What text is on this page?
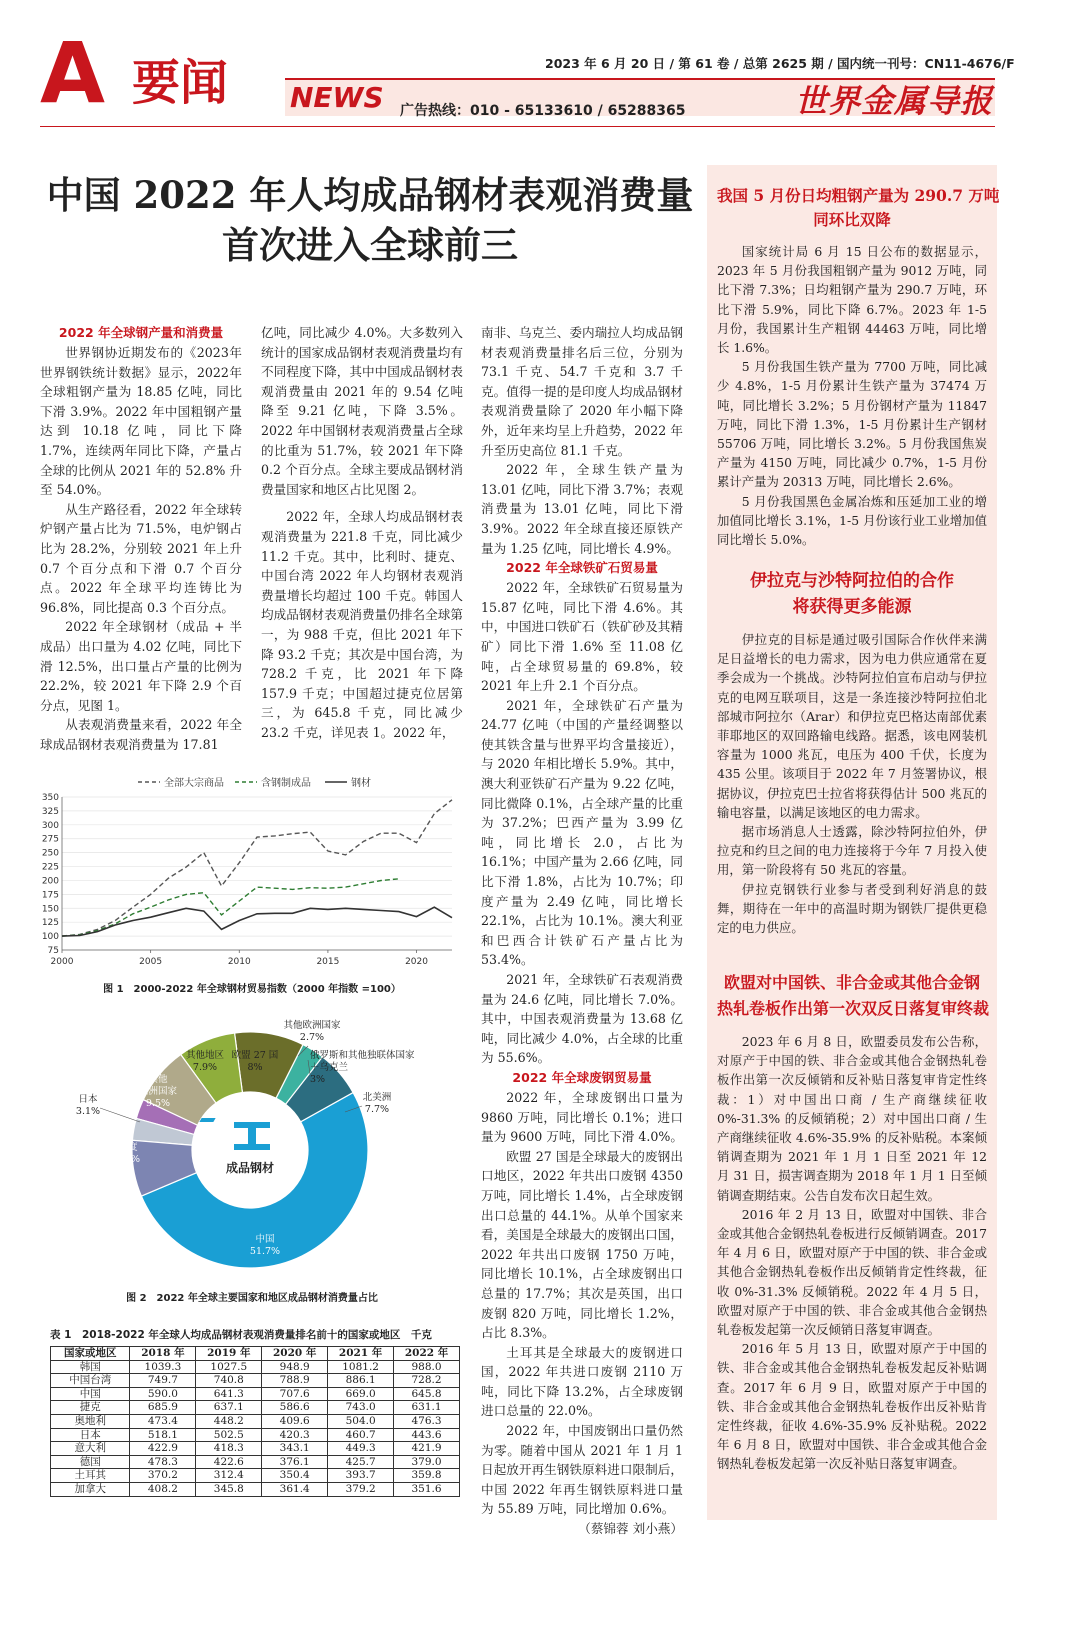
A 要闻	2023 年 6 月 20 日 / 第 61 卷 / 总第 2625 期 / 国内统一刊号：CN11-4676/F
NEWS 广告热线：010 - 65133610 / 65288365	世界金属导报
中国 2022 年人均成品钢材表观消费量
首次进入全球前三
2022 年全球钢产量和消费量

世界钢协近期发布的《2023年世界钢铁统计数据》显示，2022年全球粗钢产量为 18.85 亿吨，同比下滑 3.9%。2022 年中国粗钢产量达到 10.18 亿吨，同比下降 1.7%，连续两年同比下降，产量占全球的比例从 2021 年的 52.8% 升至 54.0%。

从生产路径看，2022 年全球转炉钢产量占比为 71.5%，电炉钢占比为 28.2%，分别较 2021 年上升 0.7 个百分点和下滑 0.7 个百分点。2022 年全球平均连铸比为 96.8%，同比提高 0.3 个百分点。

2022 年全球钢材（成品 + 半成品）出口量为 4.02 亿吨，同比下滑 12.5%，出口量占产量的比例为 22.2%，较 2021 年下降 2.9 个百分点，见图 1。

从表观消费量来看，2022 年全球成品钢材表观消费量为 17.81

亿吨，同比减少 4.0%。大多数列入统计的国家成品钢材表观消费量均有不同程度下降，其中中国成品钢材表观消费量由 2021 年的 9.54 亿吨降至 9.21 亿吨，下降 3.5%。2022 年中国钢材表观消费量占全球的比重为 51.7%，较 2021 年下降 0.2 个百分点。全球主要成品钢材消费量国家和地区占比见图 2。

2022 年，全球人均成品钢材表观消费量为 221.8 千克，同比减少 11.2 千克。其中，比利时、捷克、中国台湾 2022 年人均钢材表观消费量增长均超过 100 千克。韩国人均成品钢材表观消费量仍排名全球第一，为 988 千克，但比 2021 年下降 93.2 千克；其次是中国台湾，为 728.2 千克，比 2021 年下降 157.9 千克；中国超过捷克位居第三，为 645.8 千克，同比减少 23.2 千克，详见表 1。2022 年，

南非、乌克兰、委内瑞拉人均成品钢材表观消费量排名后三位，分别为 73.1 千克、54.7 千克和 3.7 千克。值得一提的是印度人均成品钢材表观消费量除了 2020 年小幅下降外，近年来均呈上升趋势，2022 年升至历史高位 81.1 千克。

2022 年，全球生铁产量为 13.01 亿吨，同比下滑 3.7%；表观消费量为 13.01 亿吨，同比下滑 3.9%。2022 年全球直接还原铁产量为 1.25 亿吨，同比增长 4.9%。

2022 年全球铁矿石贸易量

2022 年，全球铁矿石贸易量为 15.87 亿吨，同比下滑 4.6%。其中，中国进口铁矿石（铁矿砂及其精矿）同比下滑 1.6% 至 11.08 亿吨，占全球贸易量的 69.8%，较 2021 年上升 2.1 个百分点。

2021 年，全球铁矿石产量为 24.77 亿吨（中国的产量经调整以使其铁含量与世界平均含量接近），与 2020 年相比增长 5.9%。其中，澳大利亚铁矿石产量为 9.22 亿吨，同比微降 0.1%，占全球产量的比重为 37.2%；巴西产量为 3.99 亿吨，同比增长 2.0，占比为 16.1%；中国产量为 2.66 亿吨，同比下滑 1.8%，占比为 10.7%；印度产量为 2.49 亿吨，同比增长 22.1%，占比为 10.1%。澳大利亚和巴西合计铁矿石产量占比为 53.4%。

2021 年，全球铁矿石表观消费量为 24.6 亿吨，同比增长 7.0%。其中，中国表观消费量为 13.68 亿吨，同比减少 4.0%，占全球的比重为 55.6%。

2022 年全球废钢贸易量

2022 年，全球废钢出口量为 9860 万吨，同比增长 0.1%；进口量为 9600 万吨，同比下滑 4.0%。

欧盟 27 国是全球最大的废钢出口地区，2022 年共出口废钢 4350 万吨，同比增长 1.4%，占全球废钢出口总量的 44.1%。从单个国家来看，美国是全球最大的废钢出口国，2022 年共出口废钢 1750 万吨，同比增长 10.1%，占全球废钢出口总量的 17.7%；其次是英国，出口废钢 820 万吨，同比增长 1.2%，占比 8.3%。

土耳其是全球最大的废钢进口国，2022 年共进口废钢 2110 万吨，同比下降 13.2%，占全球废钢进口总量的 22.0%。

2022 年，中国废钢出口量仍然为零。随着中国从 2021 年 1 月 1 日起放开再生钢铁原料进口限制后，中国 2022 年再生钢铁原料进口量为 55.89 万吨，同比增加 0.6%。

（蔡锦蓉 刘小燕）

全部大宗商品	含钢制成品	钢材
75
100
125
150
175
200
225
250
275
300
325
350
2000	2005	2010	2015	2020
图 1　2000-2022 年全球钢材贸易指数（2000 年指数 =100）
中国
51.7%
印度
6.4%
其他
亚洲国家
9.5%
其他地区
7.9%
欧盟 27 国
8%
日本
3.1%
其他欧洲国家
2.7%
俄罗斯和其他独联体国家
＋乌克兰
3%
北美洲
7.7%
成品钢材
图 2　2022 年全球主要国家和地区成品钢材消费量占比
表 1　2018-2022 年全球人均成品钢材表观消费量排名前十的国家或地区　千克
国家或地区	2018 年	2019 年	2020 年	2021 年	2022 年
韩国	1039.3	1027.5	948.9	1081.2	988.0
中国台湾	749.7	740.8	788.9	886.1	728.2
中国	590.0	641.3	707.6	669.0	645.8
捷克	685.9	637.1	586.6	743.0	631.1
奥地利	473.4	448.2	409.6	504.0	476.3
日本	518.1	502.5	420.3	460.7	443.6
意大利	422.9	418.3	343.1	449.3	421.9
德国	478.3	422.6	376.1	425.7	379.0
土耳其	370.2	312.4	350.4	393.7	359.8
加拿大	408.2	345.8	361.4	379.2	351.6
我国 5 月份日均粗钢产量为 290.7 万吨
同环比双降

国家统计局 6 月 15 日公布的数据显示，2023 年 5 月份我国粗钢产量为 9012 万吨，同比下滑 7.3%；日均粗钢产量为 290.7 万吨，环比下滑 5.9%，同比下降 6.7%。2023 年 1-5 月份，我国累计生产粗钢 44463 万吨，同比增长 1.6%。

5 月份我国生铁产量为 7700 万吨，同比减少 4.8%，1-5 月份累计生铁产量为 37474 万吨，同比增长 3.2%；5 月份钢材产量为 11847 万吨，同比下滑 1.3%，1-5 月份累计生产钢材 55706 万吨，同比增长 3.2%。5 月份我国焦炭产量为 4150 万吨，同比减少 0.7%，1-5 月份累计产量为 20313 万吨，同比增长 2.6%。

5 月份我国黑色金属冶炼和压延加工业的增加值同比增长 3.1%，1-5 月份该行业工业增加值同比增长 5.0%。

伊拉克与沙特阿拉伯的合作
将获得更多能源

伊拉克的目标是通过吸引国际合作伙伴来满足日益增长的电力需求，因为电力供应通常在夏季会成为一个挑战。沙特阿拉伯宣布启动与伊拉克的电网互联项目，这是一条连接沙特阿拉伯北部城市阿拉尔（Arar）和伊拉克巴格达南部优素菲耶地区的双回路输电线路。据悉，该电网装机容量为 1000 兆瓦，电压为 400 千伏，长度为 435 公里。该项目于 2022 年 7 月签署协议，根据协议，伊拉克巴士拉省将获得估计 500 兆瓦的输电容量，以满足该地区的电力需求。

据市场消息人士透露，除沙特阿拉伯外，伊拉克和约旦之间的电力连接将于今年 7 月投入使用，第一阶段将有 50 兆瓦的容量。

伊拉克钢铁行业参与者受到利好消息的鼓舞，期待在一年中的高温时期为钢铁厂提供更稳定的电力供应。

欧盟对中国铁、非合金或其他合金钢
热轧卷板作出第一次双反日落复审终裁

2023 年 6 月 8 日，欧盟委员发布公告称，对原产于中国的铁、非合金或其他合金钢热轧卷板作出第一次反倾销和反补贴日落复审肯定性终裁：1）对中国出口商 / 生产商继续征收 0%-31.3% 的反倾销税；2）对中国出口商 / 生产商继续征收 4.6%-35.9% 的反补贴税。本案倾销调查期为 2021 年 1 月 1 日至 2021 年 12 月 31 日，损害调查期为 2018 年 1 月 1 日至倾销调查期结束。公告自发布次日起生效。

2016 年 2 月 13 日，欧盟对中国铁、非合金或其他合金钢热轧卷板进行反倾销调查。2017 年 4 月 6 日，欧盟对原产于中国的铁、非合金或其他合金钢热轧卷板作出反倾销肯定性终裁，征收 0%-31.3% 反倾销税。2022 年 4 月 5 日，欧盟对原产于中国的铁、非合金或其他合金钢热轧卷板发起第一次反倾销日落复审调查。

2016 年 5 月 13 日，欧盟对原产于中国的铁、非合金或其他合金钢热轧卷板发起反补贴调查。2017 年 6 月 9 日，欧盟对原产于中国的铁、非合金或其他合金钢热轧卷板作出反补贴肯定性终裁，征收 4.6%-35.9% 反补贴税。2022 年 6 月 8 日，欧盟对中国铁、非合金或其他合金钢热轧卷板发起第一次反补贴日落复审调查。
